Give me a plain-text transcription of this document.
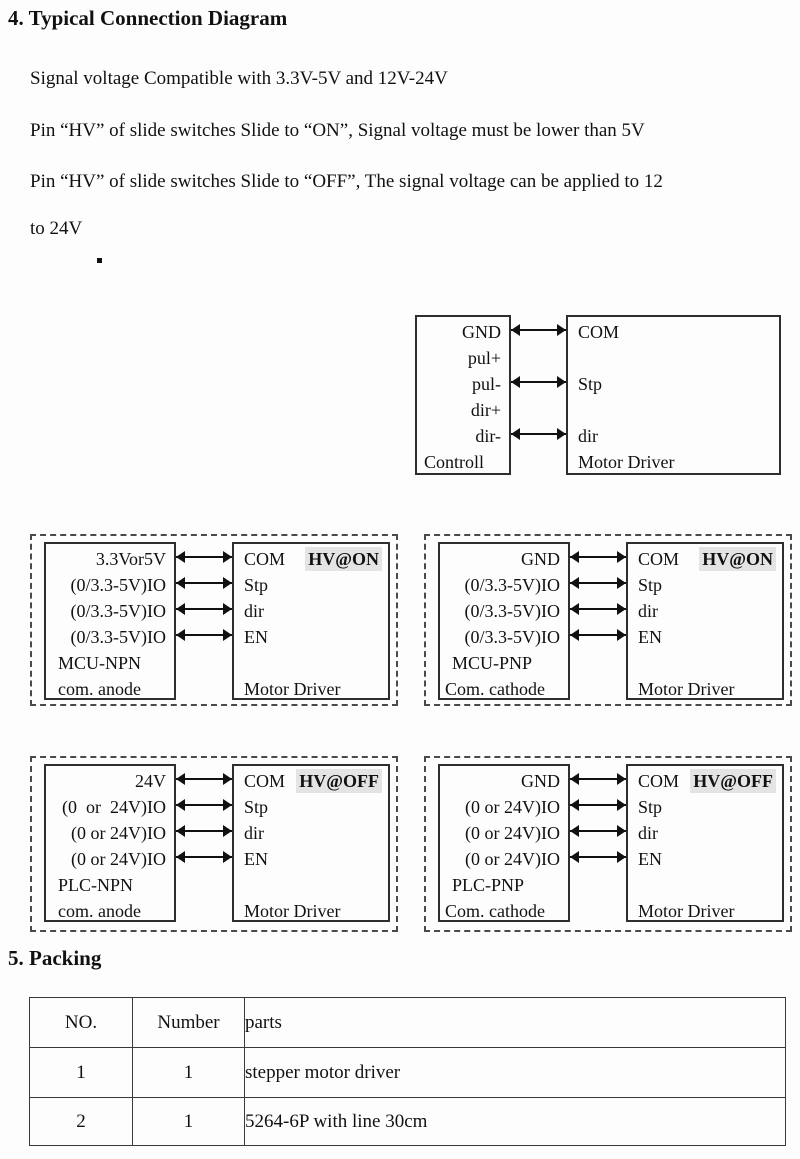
4. Typical Connection Diagram
Signal voltage Compatible with 3.3V-5V and 12V-24V
Pin “HV” of slide switches Slide to “ON”, Signal voltage must be lower than 5V
Pin “HV” of slide switches Slide to “OFF”, The signal voltage can be applied to 12
to 24V
GND
pul+
pul-
dir+
dir-
Controll
COM
Stp
dir
Motor Driver
3.3Vor5V
(0/3.3-5V)IO
(0/3.3-5V)IO
(0/3.3-5V)IO
MCU-NPN
com. anode
COM HV@ON
Stp
dir
EN
Motor Driver
GND
(0/3.3-5V)IO
(0/3.3-5V)IO
(0/3.3-5V)IO
MCU-PNP
Com. cathode
COM HV@ON
Stp
dir
EN
Motor Driver
24V
(0  or  24V)IO
(0 or 24V)IO
(0 or 24V)IO
PLC-NPN
com. anode
COM HV@OFF
Stp
dir
EN
Motor Driver
GND
(0 or 24V)IO
(0 or 24V)IO
(0 or 24V)IO
PLC-PNP
Com. cathode
COM HV@OFF
Stp
dir
EN
Motor Driver
5. Packing
NO.	Number	parts
1	1	stepper motor driver
2	1	5264-6P with line 30cm
